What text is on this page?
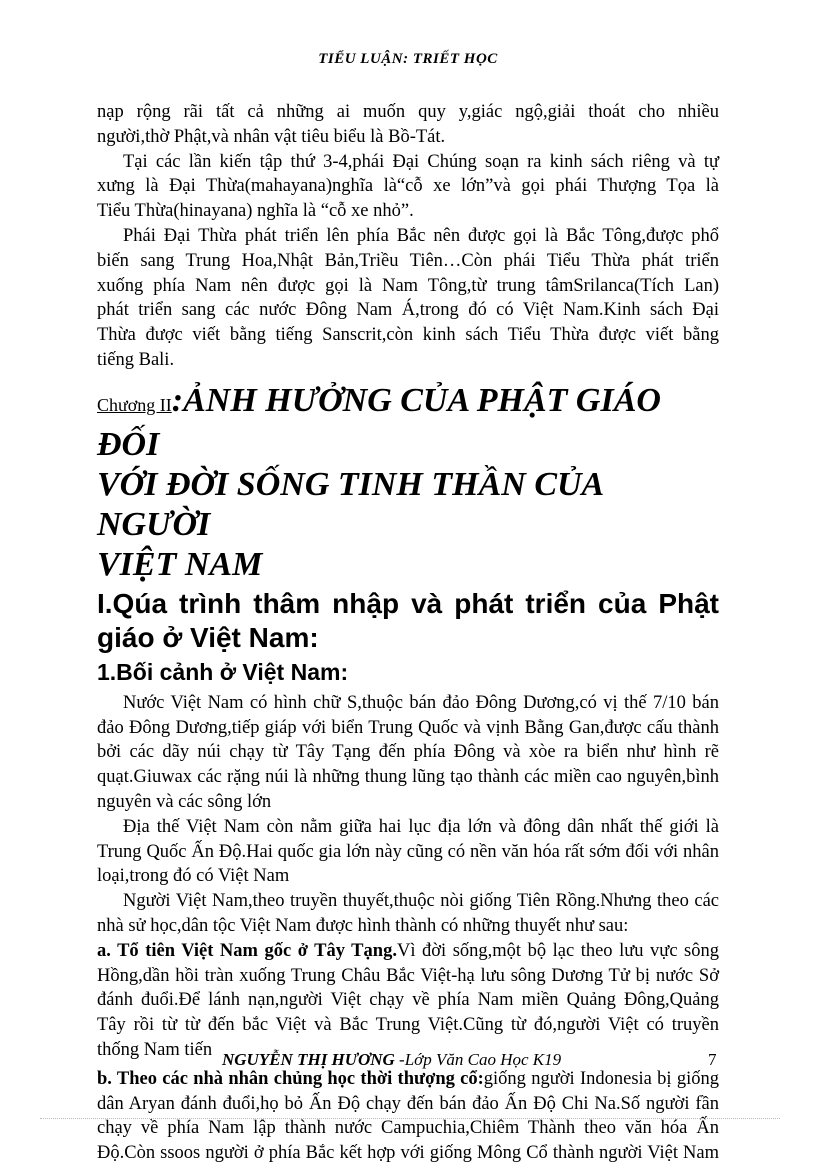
TIỂU LUẬN: TRIẾT HỌC

nạp rộng rãi tất cả những ai muốn quy y,giác ngộ,giải thoát cho nhiều
người,thờ Phật,và nhân vật tiêu biểu là Bồ-Tát.

Tại các lần kiến tập thứ 3-4,phái Đại Chúng soạn ra kinh sách riêng và tự
xưng là Đại Thừa(mahayana)nghĩa là“cỗ xe lớn”và gọi phái Thượng Tọa là
Tiểu Thừa(hinayana) nghĩa là “cỗ xe nhỏ”.

Phái Đại Thừa phát triển lên phía Bắc nên được gọi là Bắc Tông,được phổ
biến sang Trung Hoa,Nhật Bản,Triều Tiên…Còn phái Tiểu Thừa phát triển
xuống phía Nam nên được gọi là Nam Tông,từ trung tâmSrilanca(Tích Lan)
phát triển sang các nước Đông Nam Á,trong đó có Việt Nam.Kinh sách Đại
Thừa được viết bằng tiếng Sanscrit,còn kinh sách Tiểu Thừa được viết bằng
tiếng Bali.

Chương II:ẢNH HƯỞNG CỦA PHẬT GIÁO ĐỐI
VỚI ĐỜI SỐNG TINH THẦN CỦA NGƯỜI
VIỆT NAM
I.Qúa trình thâm nhập và phát triển của Phật
giáo ở Việt Nam:
1.Bối cảnh ở Việt Nam:

Nước Việt Nam có hình chữ S,thuộc bán đảo Đông Dương,có vị thế 7/10 bán
đảo Đông Dương,tiếp giáp với biển Trung Quốc và vịnh Bằng Gan,được cấu thành
bởi các dãy núi chạy từ Tây Tạng đến phía Đông và xòe ra biển như hình rẽ
quạt.Giuwax các rặng núi là những thung lũng tạo thành các miền cao nguyên,bình
nguyên và các sông lớn

Địa thế Việt Nam còn nằm giữa hai lục địa lớn và đông dân nhất thế giới là
Trung Quốc Ấn Độ.Hai quốc gia lớn này cũng có nền văn hóa rất sớm đối với nhân
loại,trong đó có Việt Nam

Người Việt Nam,theo truyền thuyết,thuộc nòi giống Tiên Rồng.Nhưng theo các
nhà sử học,dân tộc Việt Nam được hình thành có những thuyết như sau:

a. Tổ tiên Việt Nam gốc ở Tây Tạng.Vì đời sống,một bộ lạc theo lưu vực sông
Hồng,dần hồi tràn xuống Trung Châu Bắc Việt-hạ lưu sông Dương Tử bị nước Sở
đánh đuổi.Để lánh nạn,người Việt chạy về phía Nam miền Quảng Đông,Quảng
Tây rồi từ từ đến bắc Việt và Bắc Trung Việt.Cũng từ đó,người Việt có truyền
thống Nam tiến

b. Theo các nhà nhân chủng học thời thượng cổ:giống người Indonesia bị giống
dân Aryan đánh đuổi,họ bỏ Ấn Độ chạy đến bán đảo Ấn Độ Chi Na.Số người fần
chạy về phía Nam lập thành nước Campuchia,Chiêm Thành theo văn hóa Ấn
Độ.Còn ssoos người ở phía Bắc kết hợp với giống Mông Cổ thành người Việt Nam

NGUYỄN THỊ HƯƠNG -Lớp Văn Cao Học K19	7
